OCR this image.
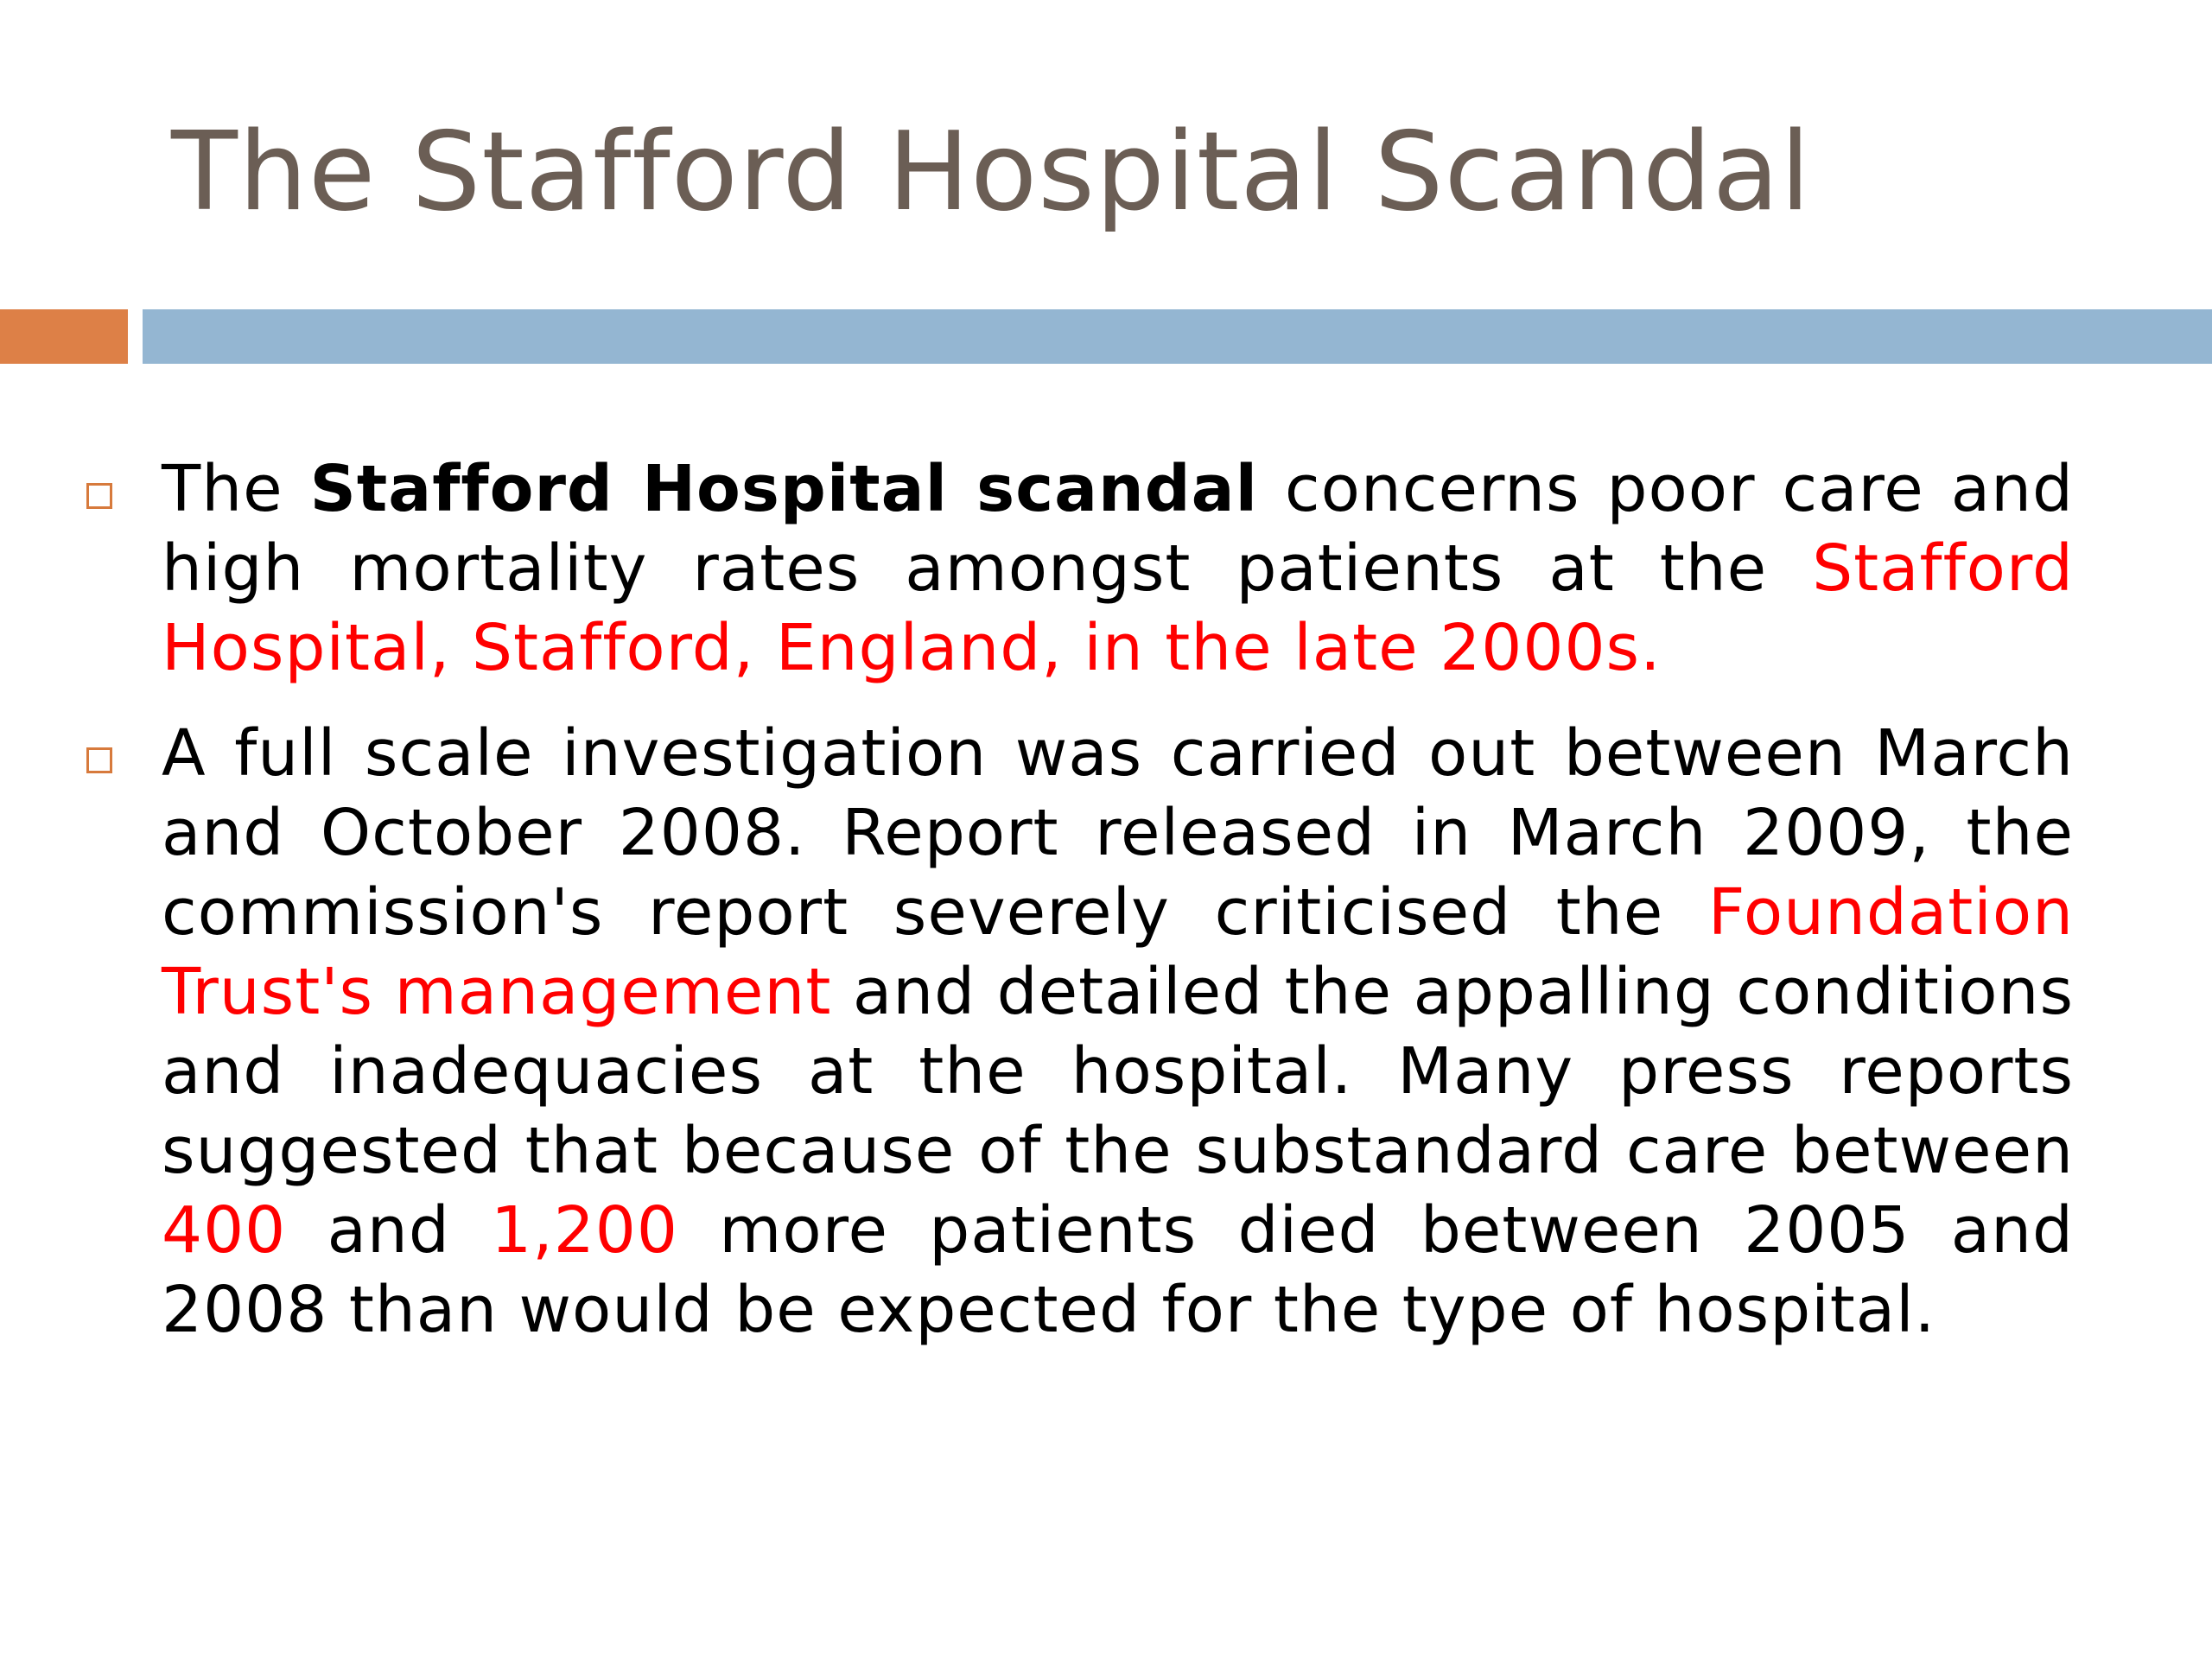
The Stafford Hospital Scandal

The Stafford Hospital scandal concerns poor care and high mortality rates amongst patients at the Stafford Hospital, Stafford, England, in the late 2000s.

A full scale investigation was carried out between March and October 2008. Report released in March 2009, the commission's report severely criticised the Foundation Trust's management and detailed the appalling conditions and inadequacies at the hospital. Many press reports suggested that because of the substandard care between 400 and 1,200 more patients died between 2005 and 2008 than would be expected for the type of hospital.
